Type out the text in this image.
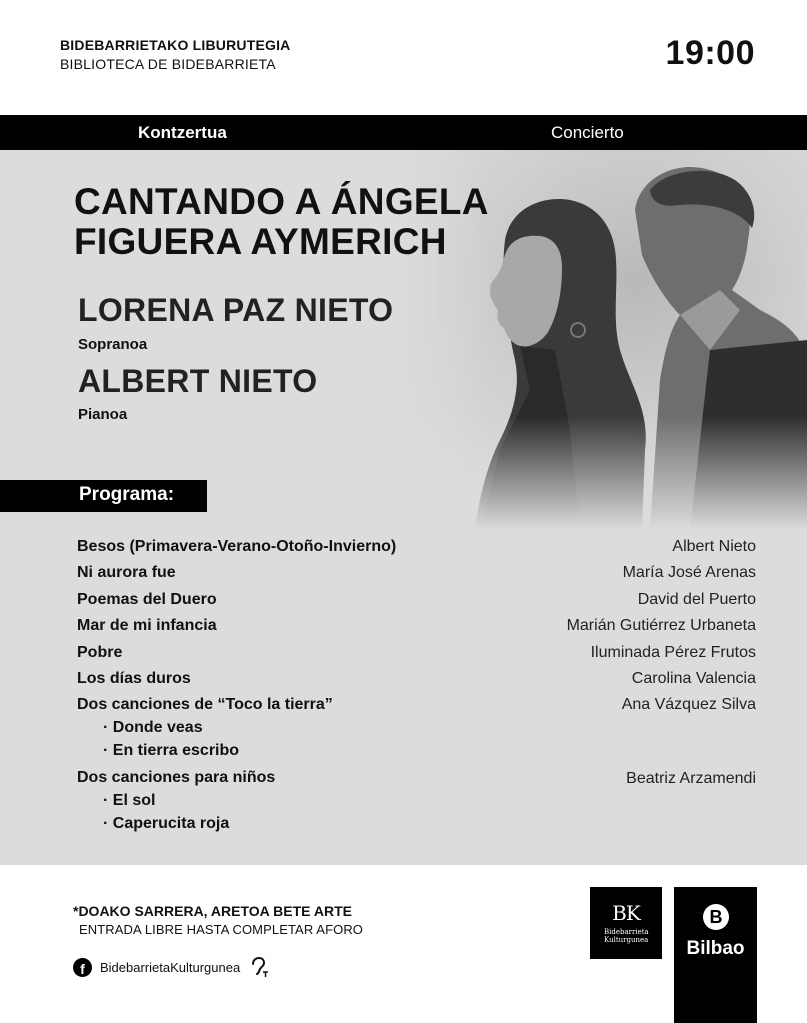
BIDEBARRIETAKO LIBURUTEGIA
BIBLIOTECA DE BIDEBARRIETA	19:00
Kontzertua	Concierto
CANTANDO A ÁNGELA
FIGUERA AYMERICH
LORENA PAZ NIETO
Sopranoa
ALBERT NIETO
Pianoa
Programa:
Besos (Primavera-Verano-Otoño-Invierno)	Albert Nieto
Ni aurora fue	María José Arenas
Poemas del Duero	David del Puerto
Mar de mi infancia	Marián Gutiérrez Urbaneta
Pobre	Iluminada Pérez Frutos
Los días duros	Carolina Valencia
Dos canciones de “Toco la tierra”	Ana Vázquez Silva
· Donde veas
· En tierra escribo
Dos canciones para niños	Beatriz Arzamendi
· El sol
· Caperucita roja
*DOAKO SARRERA, ARETOA BETE ARTE
ENTRADA LIBRE HASTA COMPLETAR AFORO
f	BidebarrietaKulturgunea
BK
Bidebarrieta
Kulturgunea
B
Bilbao
